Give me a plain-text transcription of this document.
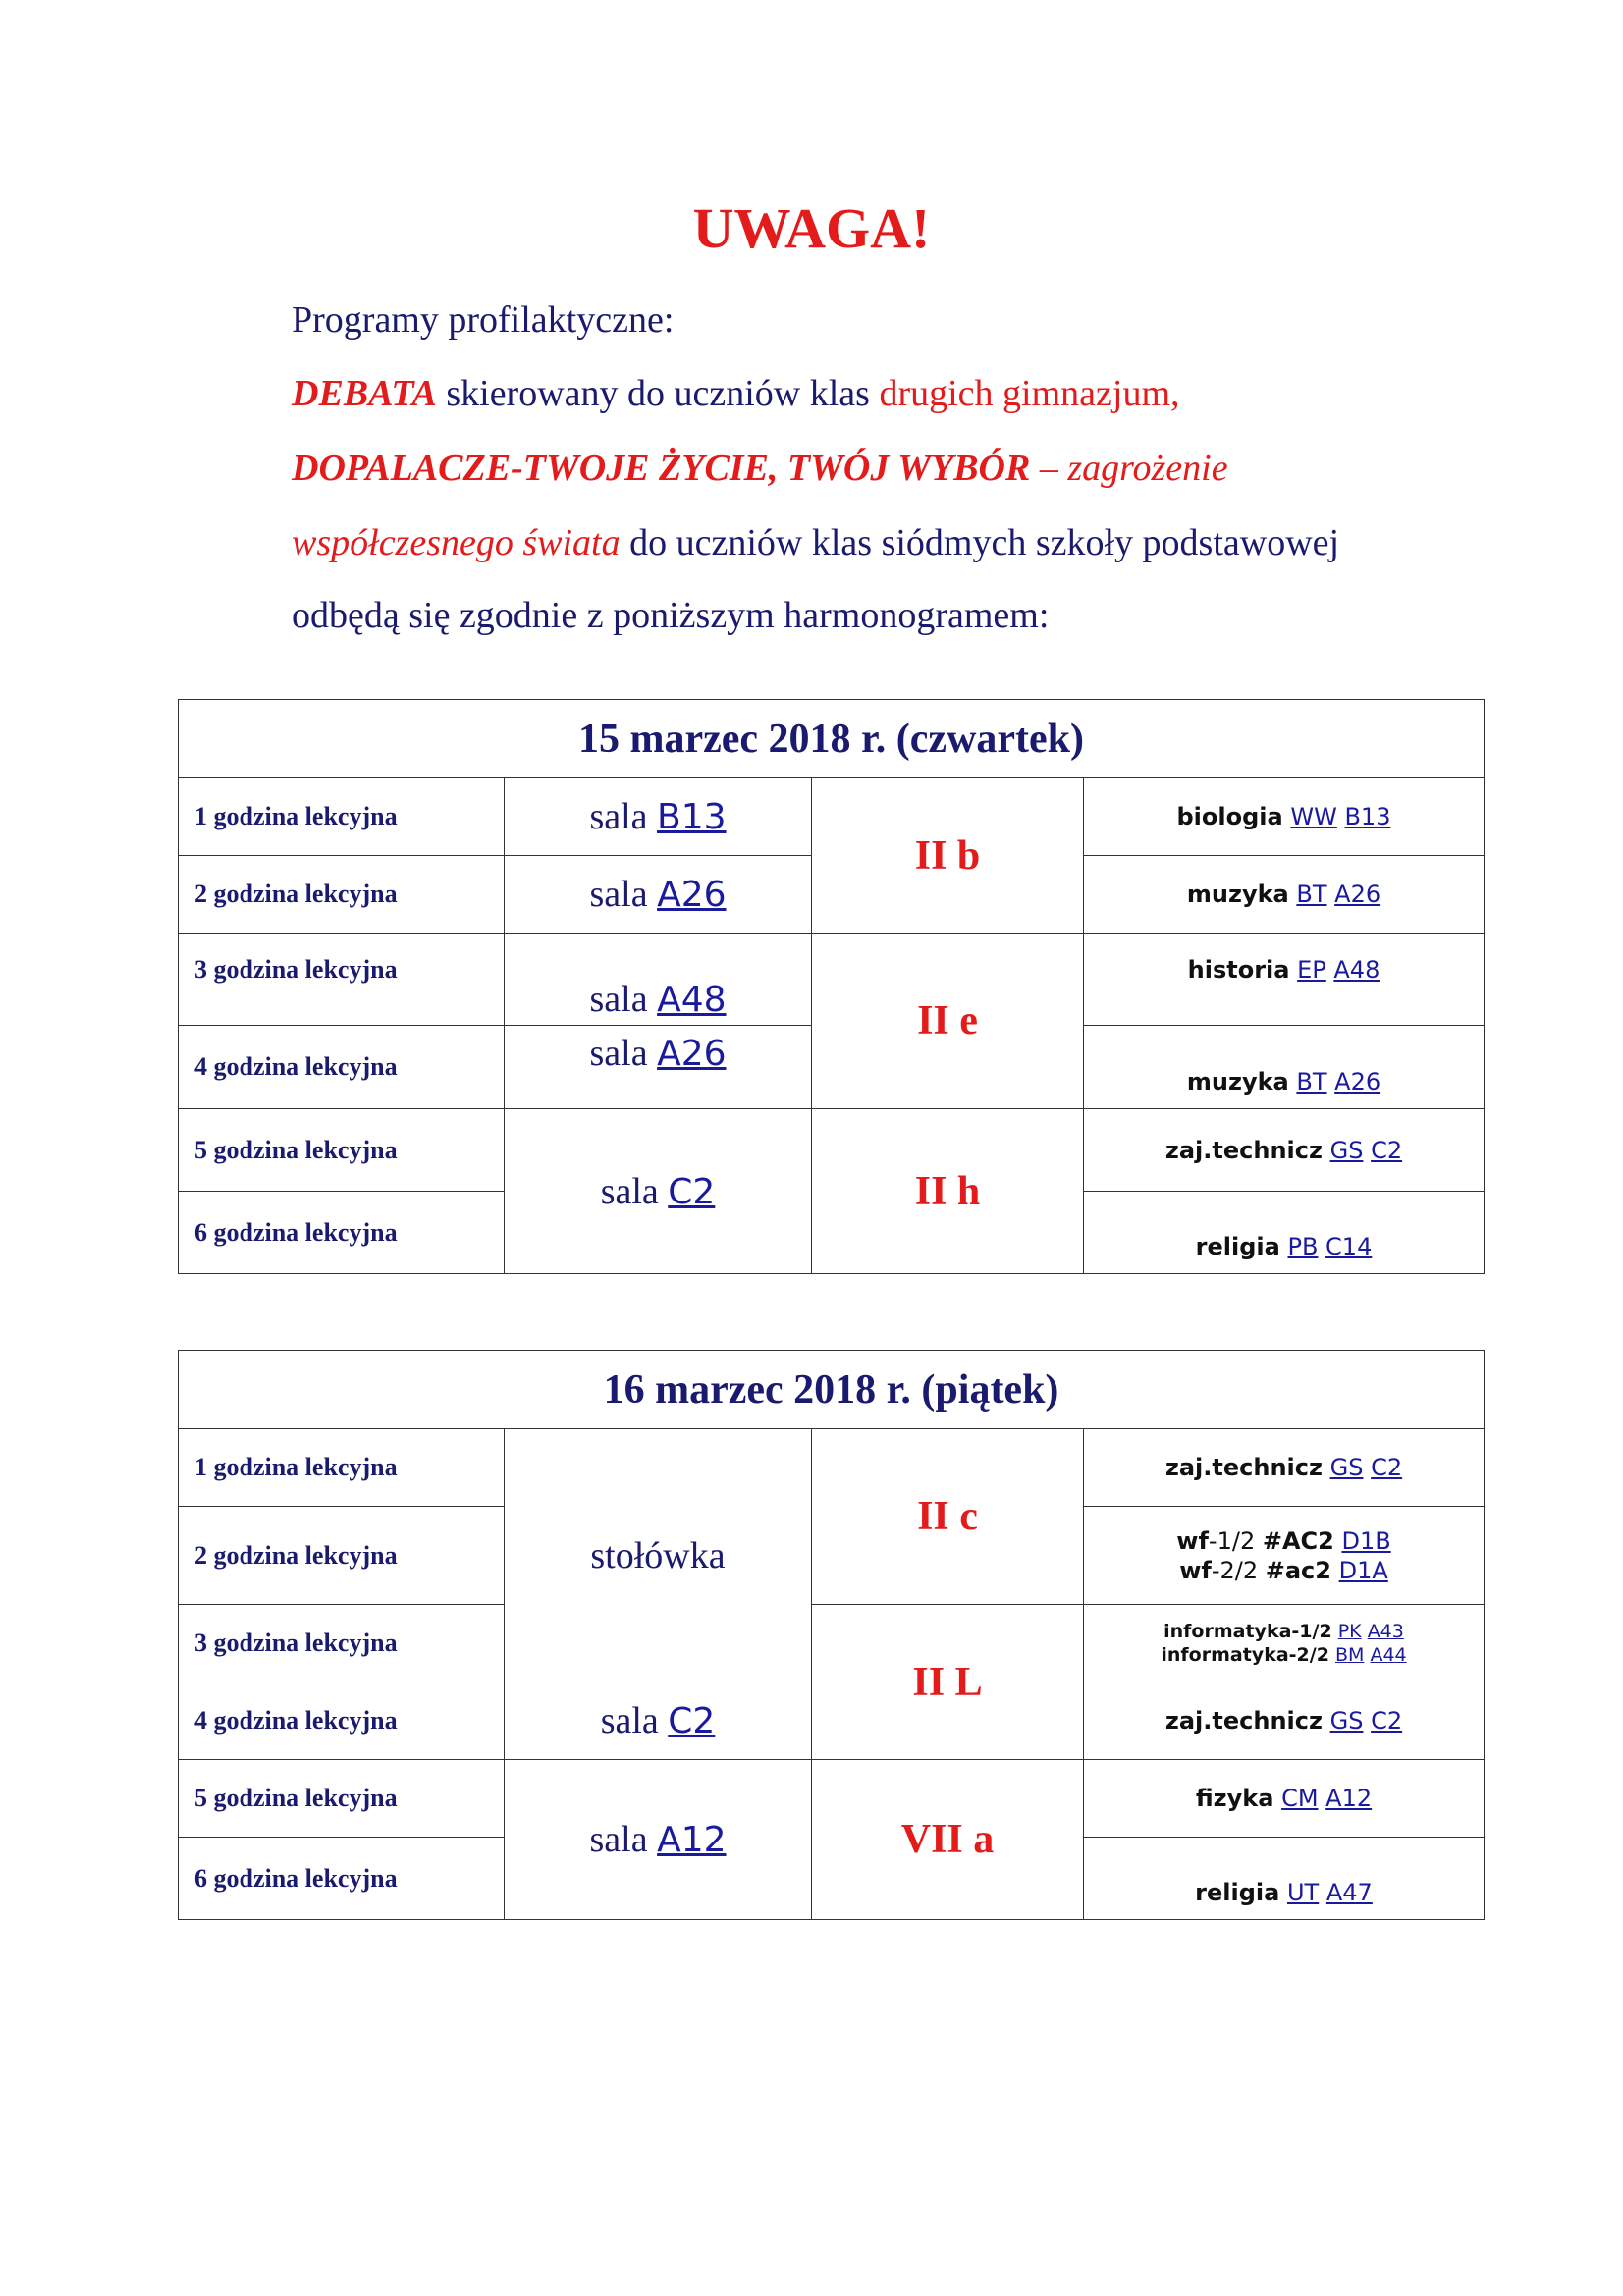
UWAGA!
Programy profilaktyczne:
DEBATA skierowany do uczniów klas drugich gimnazjum,
DOPALACZE-TWOJE ŻYCIE, TWÓJ WYBÓR – zagrożenie
współczesnego świata do uczniów klas siódmych szkoły podstawowej
odbędą się zgodnie z poniższym harmonogramem:
15 marzec 2018 r. (czwartek)			
1 godzina lekcyjna	sala B13	II b	biologia WW B13
2 godzina lekcyjna	sala A26		muzyka BT A26
3 godzina lekcyjna	sala A48	II e	historia EP A48
4 godzina lekcyjna	sala A26		muzyka BT A26
5 godzina lekcyjna	sala C2	II h	zaj.technicz GS C2
6 godzina lekcyjna			religia PB C14
16 marzec 2018 r. (piątek)			
1 godzina lekcyjna	stołówka	II c	zaj.technicz GS C2
2 godzina lekcyjna			wf-1/2 #AC2 D1B
wf-2/2 #ac2 D1A

3 godzina lekcyjna		II L	informatyka-1/2 PK A43
informatyka-2/2 BM A44

4 godzina lekcyjna	sala C2		zaj.technicz GS C2
5 godzina lekcyjna	sala A12	VII a	fizyka CM A12
6 godzina lekcyjna			religia UT A47
